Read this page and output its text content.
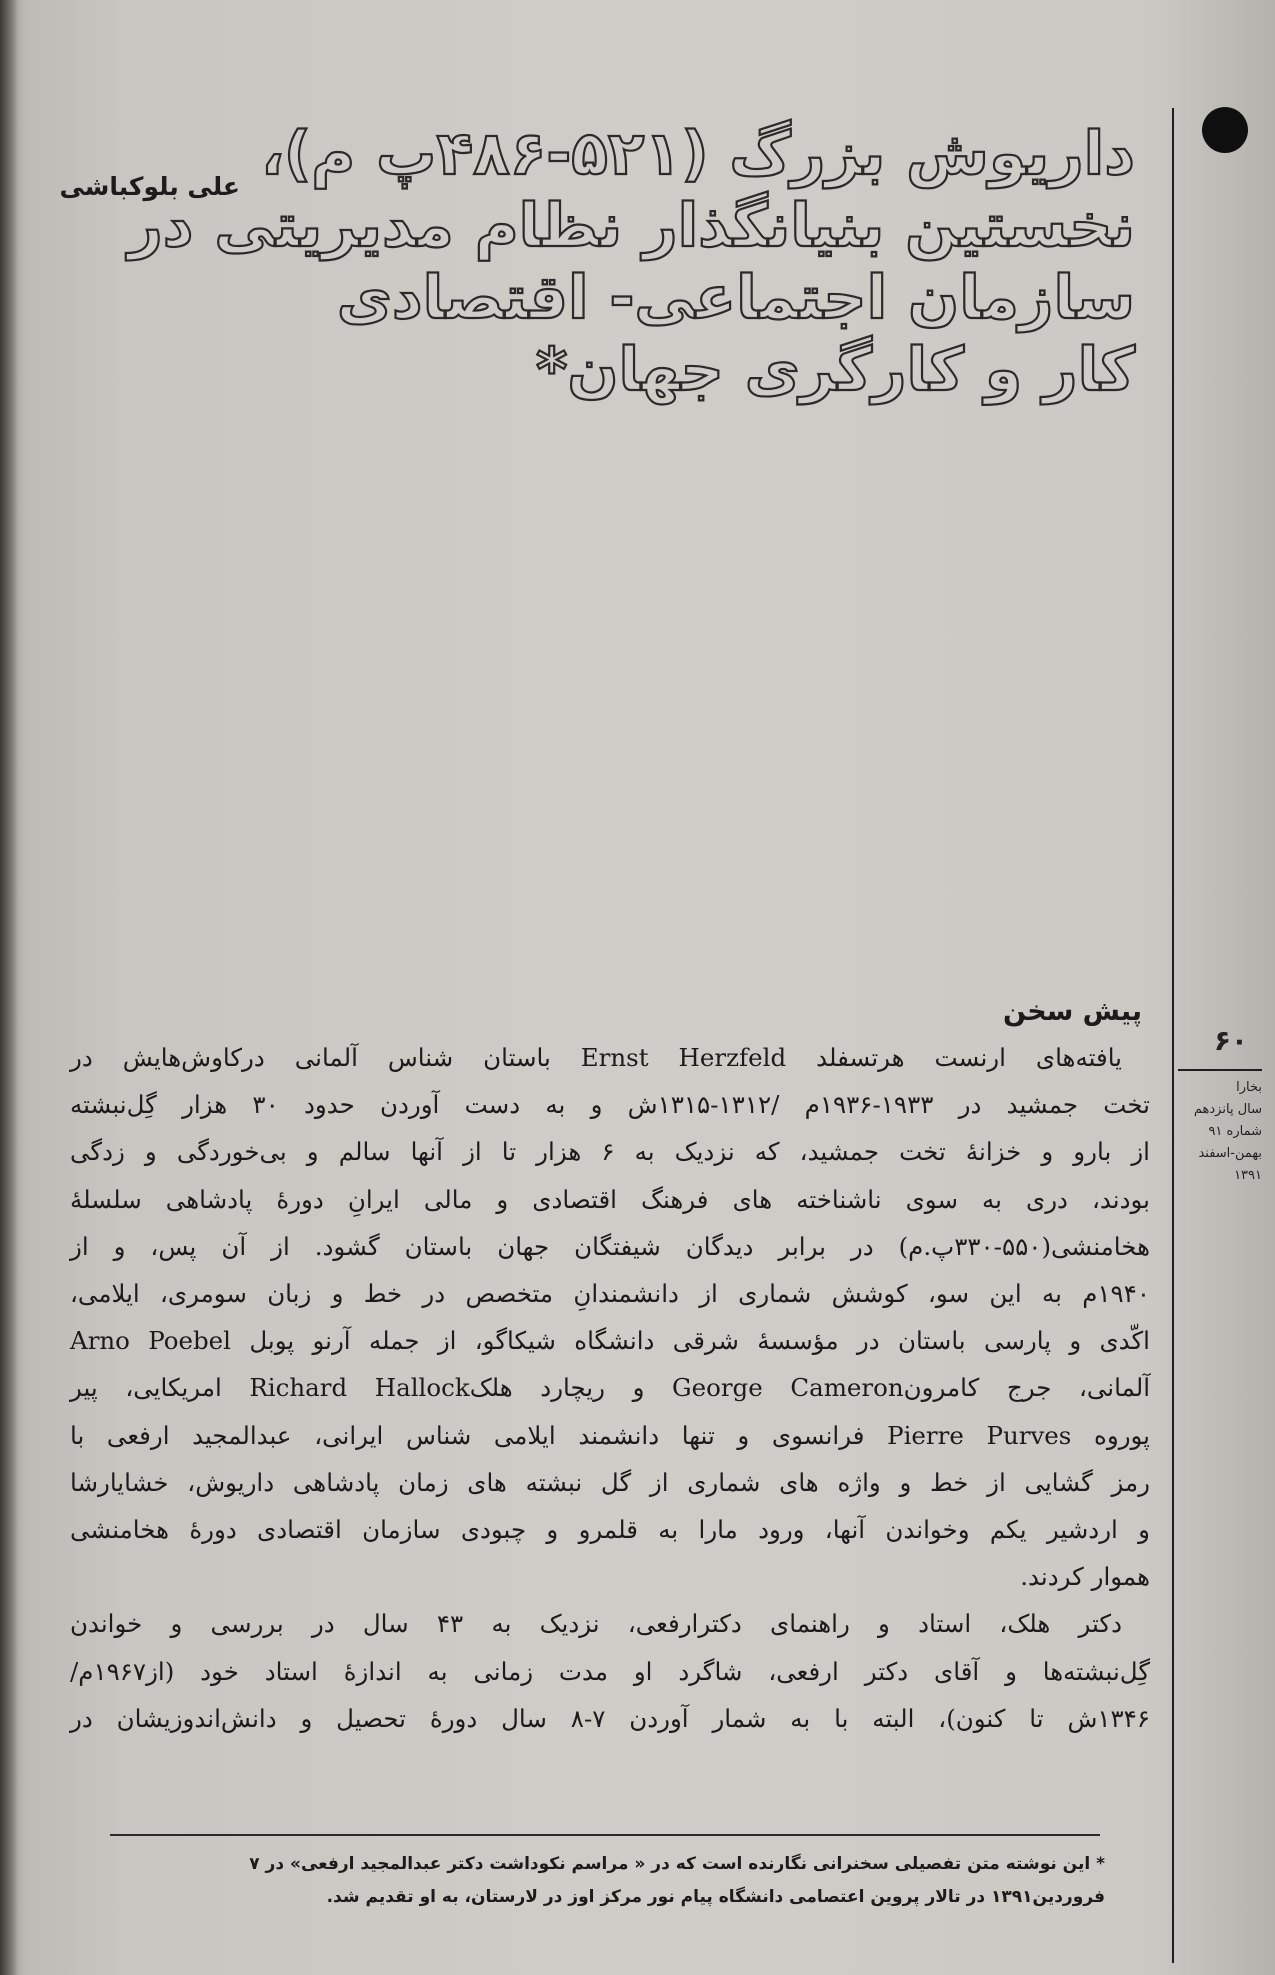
داریوش بزرگ (۵۲۱-۴۸۶پ م)،
نخستین بنیانگذار نظام مدیریتی در
سازمان اجتماعی- اقتصادی
کار و کارگری جهان*
علی بلوکباشی
۶۰
بخارا
سال پانزدهم
شماره ۹۱
بهمن-اسفند
۱۳۹۱
پیش سخن
یافته‌های ارنست هرتسفلد Ernst Herzfeld باستان شناس آلمانی درکاوش‌هایش در
تخت جمشید در ۱۹۳۳-۱۹۳۶م /۱۳۱۲-۱۳۱۵ش و به دست آوردن حدود ۳۰ هزار گِل‌نبشته
از بارو و خزانهٔ تخت جمشید، که نزدیک به ۶ هزار تا از آنها سالم و بی‌خوردگی و زدگی
بودند، دری به سوی ناشناخته های فرهنگ اقتصادی و مالی ایرانِ دورهٔ پادشاهی سلسلهٔ
هخامنشی(۵۵۰-۳۳۰پ.م) در برابر دیدگان شیفتگان جهان باستان گشود. از آن پس، و از
۱۹۴۰م به این سو، کوشش شماری از دانشمندانِ متخصص در خط و زبان سومری، ایلامی،
اکّدی و پارسی باستان در مؤسسهٔ شرقی دانشگاه شیکاگو، از جمله آرنو پوبل Arno Poebel
آلمانی، جرج کامرونGeorge Cameron و ریچارد هلکRichard Hallock امریکایی، پیر
پوروه Pierre Purves فرانسوی و تنها دانشمند ایلامی شناس ایرانی، عبدالمجید ارفعی با
رمز گشایی از خط و واژه های شماری از گل نبشته های زمان پادشاهی داریوش، خشایارشا
و اردشیر یکم وخواندن آنها، ورود مارا به قلمرو و چبودی سازمان اقتصادی دورهٔ هخامنشی
هموار کردند.
دکتر هلک، استاد و راهنمای دکترارفعی، نزدیک به ۴۳ سال در بررسی و خواندن
گِل‌نبشته‌ها و آقای دکتر ارفعی، شاگرد او مدت زمانی به اندازهٔ استاد خود (از۱۹۶۷م/
۱۳۴۶ش تا کنون)، البته با به شمار آوردن ۷-۸ سال دورهٔ تحصیل و دانش‌اندوزیشان در
* این نوشته متن تفصیلی سخنرانی نگارنده است که در « مراسم نکوداشت دکتر عبدالمجید ارفعی» در ۷
فروردین۱۳۹۱ در تالار پروین اعتصامی دانشگاه پیام نور مرکز اوز در لارستان، به او تقدیم شد.
